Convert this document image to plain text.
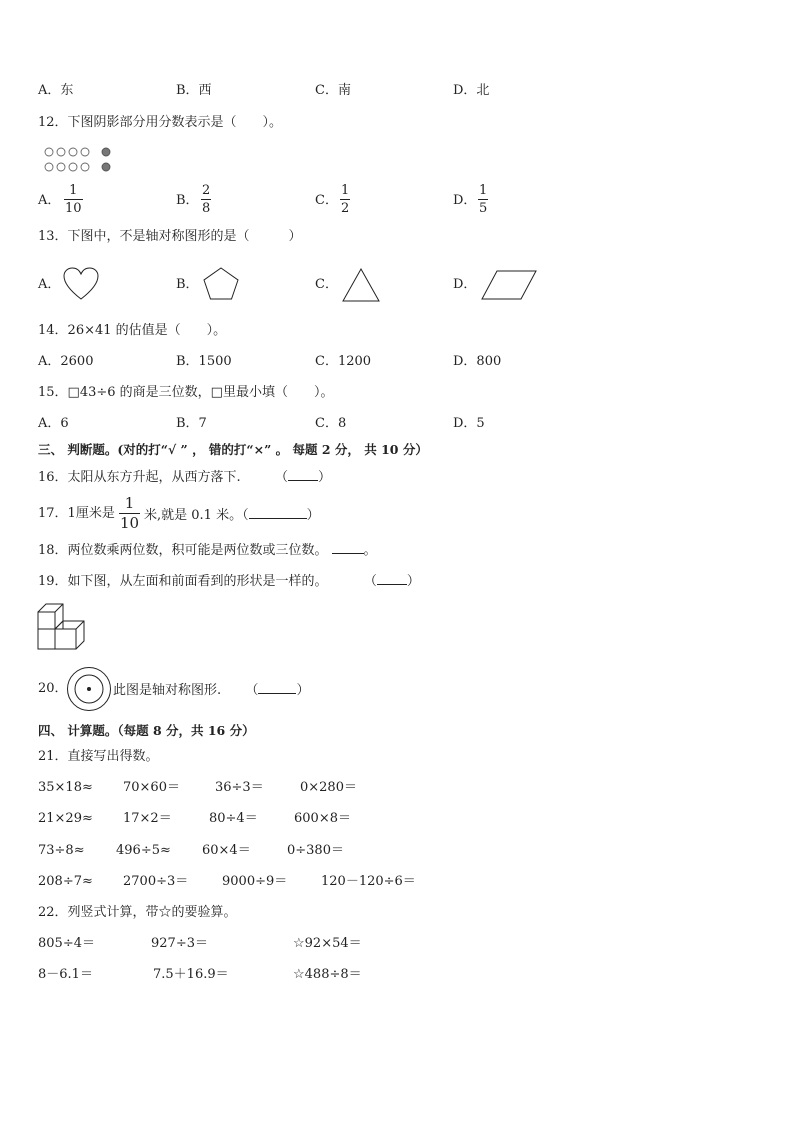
A．东	B．西	C．南	D．北
12．下图阴影部分用分数表示是（　　）。
A．
1
10
B．
2
8
C．
1
2
D．
1
5
13．下图中，不是轴对称图形的是（　　　）
A．	B．	C．	D．
14．26×41 的估值是（　　）。
A．2600	B．1500	C．1200	D．800
15．□43÷6 的商是三位数，□里最小填（　　）。
A．6	B．7	C．8	D．5
三、 判断题。(对的打“√ ” ， 错的打“×” 。 每题 2 分， 共 10 分）
16．太阳从东方升起，从西方落下.	（ ）
17．1厘米是
1
10 米,就是 0.1 米。（	）
18．两位数乘两位数，积可能是两位数或三位数。	。
19．如下图，从左面和前面看到的形状是一样的。	（ ）
20．	此图是轴对称图形. （	）
四、 计算题。（每题 8 分，共 16 分）
21．直接写出得数。
35×18≈ 70×60＝	36÷3＝	0×280＝
21×29≈ 17×2＝	80÷4＝	600×8＝
73÷8≈ 496÷5≈ 60×4＝	0÷380＝
208÷7≈ 2700÷3＝	9000÷9＝	120－120÷6＝
22．列竖式计算，带☆的要验算。
805÷4＝	927÷3＝	☆92×54＝
8－6.1＝	7.5＋16.9＝	☆488÷8＝
